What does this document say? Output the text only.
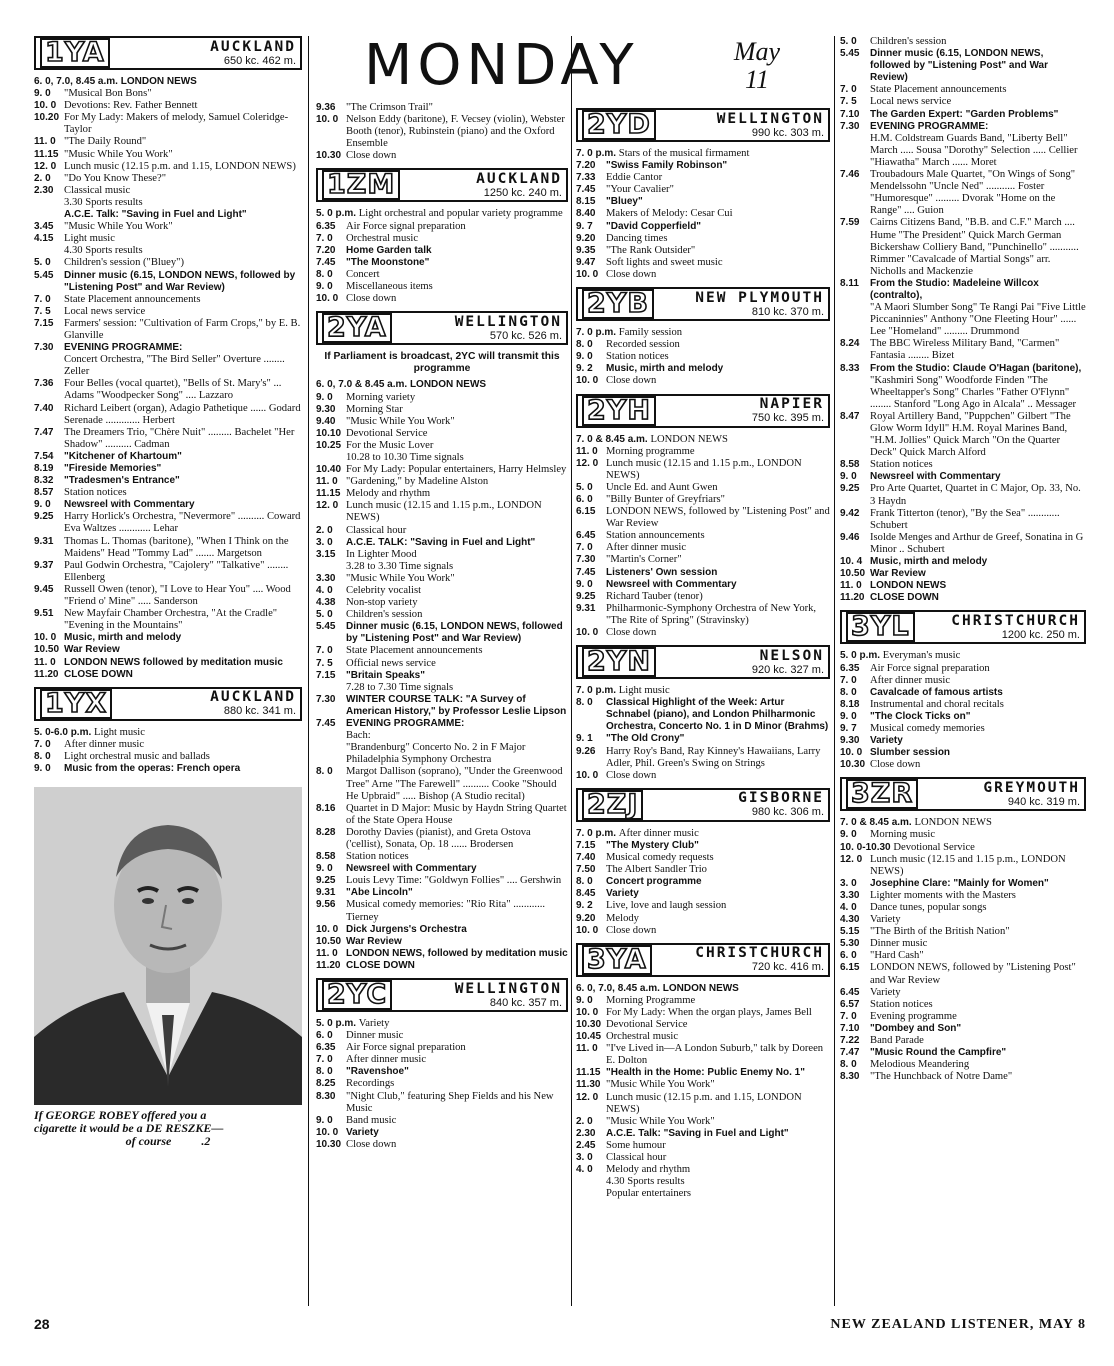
MONDAY	May
11
1YA	AUCKLAND
650 kc. 462 m.
6. 0, 7.0, 8.45 a.m. LONDON NEWS
9. 0	"Musical Bon Bons"
10. 0 Devotions: Rev. Father Bennett
10.20 For My Lady: Makers of melody, Samuel Coleridge-Taylor
11. 0 "The Daily Round"
11.15 "Music While You Work"
12. 0 Lunch music (12.15 p.m. and 1.15, LONDON NEWS)
2. 0	"Do You Know These?"
2.30 Classical music
3.30 Sports results
A.C.E. Talk: "Saving in Fuel and Light"
3.45 "Music While You Work"
4.15 Light music
4.30 Sports results
5. 0	Children's session ("Bluey")
5.45	Dinner music (6.15, LONDON NEWS, followed by "Listening Post" and War Review)
7. 0	State Placement announcements
7. 5	Local news service
7.15 Farmers' session: "Cultivation of Farm Crops," by E. B. Glanville
7.30	EVENING PROGRAMME:
Concert Orchestra, "The Bird Seller" Overture ........ Zeller
7.36 Four Belles (vocal quartet), "Bells of St. Mary's" ... Adams "Woodpecker Song" .... Lazzaro
7.40 Richard Leibert (organ), Adagio Pathetique ...... Godard Serenade ............. Herbert
7.47 The Dreamers Trio, "Chère Nuit" ......... Bachelet "Her Shadow" .......... Cadman
7.54	"Kitchener of Khartoum"
8.19	"Fireside Memories"
8.32	"Tradesmen's Entrance"
8.57 Station notices
9. 0	Newsreel with Commentary
9.25 Harry Horlick's Orchestra, "Nevermore" .......... Coward Eva Waltzes ............ Lehar
9.31 Thomas L. Thomas (baritone), "When I Think on the Maidens" Head "Tommy Lad" ....... Margetson
9.37 Paul Godwin Orchestra, "Cajolery" "Talkative" ........ Ellenberg
9.45 Russell Owen (tenor), "I Love to Hear You" .... Wood "Friend o' Mine" ..... Sanderson
9.51 New Mayfair Chamber Orchestra, "At the Cradle" "Evening in the Mountains"
10. 0 Music, mirth and melody
10.50 War Review
11. 0 LONDON NEWS followed by meditation music
11.20 CLOSE DOWN
1YX	AUCKLAND
880 kc. 341 m.
5. 0-6.0 p.m. Light music
7. 0	After dinner music
8. 0	Light orchestral music and ballads
9. 0	Music from the operas: French opera
If GEORGE ROBEY offered you a
cigarette it would be a DE RESZKE—
of course	.2
9.36 "The Crimson Trail"
10. 0 Nelson Eddy (baritone), F. Vecsey (violin), Webster Booth (tenor), Rubinstein (piano) and the Oxford Ensemble
10.30 Close down
1ZM	AUCKLAND
1250 kc. 240 m.
5. 0 p.m. Light orchestral and popular variety programme
6.35 Air Force signal preparation
7. 0	Orchestral music
7.20	Home Garden talk
7.45	"The Moonstone"
8. 0	Concert
9. 0	Miscellaneous items
10. 0 Close down
2YA	WELLINGTON
570 kc. 526 m.
If Parliament is broadcast, 2YC will transmit this programme
6. 0, 7.0 & 8.45 a.m. LONDON NEWS
9. 0	Morning variety
9.30 Morning Star
9.40 "Music While You Work"
10.10 Devotional Service
10.25 For the Music Lover
10.28 to 10.30 Time signals
10.40 For My Lady: Popular entertainers, Harry Helmsley
11. 0 "Gardening," by Madeline Alston
11.15 Melody and rhythm
12. 0 Lunch music (12.15 and 1.15 p.m., LONDON NEWS)
2. 0	Classical hour
3. 0	A.C.E. TALK: "Saving in Fuel and Light"
3.15 In Lighter Mood
3.28 to 3.30 Time signals
3.30 "Music While You Work"
4. 0	Celebrity vocalist
4.38 Non-stop variety
5. 0	Children's session
5.45	Dinner music (6.15, LONDON NEWS, followed by "Listening Post" and War Review)
7. 0	State Placement announcements
7. 5	Official news service
7.15	"Britain Speaks"
7.28 to 7.30 Time signals
7.30	WINTER COURSE TALK: "A Survey of American History," by Professor Leslie Lipson
7.45	EVENING PROGRAMME:
Bach:
"Brandenburg" Concerto No. 2 in F Major
Philadelphia Symphony Orchestra
8. 0	Margot Dallison (soprano), "Under the Greenwood Tree" Arne "The Farewell" .......... Cooke "Should He Upbraid" ..... Bishop (A Studio recital)
8.16 Quartet in D Major: Music by Haydn String Quartet of the State Opera House
8.28 Dorothy Davies (pianist), and Greta Ostova ('cellist), Sonata, Op. 18 ...... Brodersen
8.58 Station notices
9. 0	Newsreel with Commentary
9.25 Louis Levy Time: "Goldwyn Follies" .... Gershwin
9.31	"Abe Lincoln"
9.56 Musical comedy memories: "Rio Rita" ............ Tierney
10. 0 Dick Jurgens's Orchestra
10.50 War Review
11. 0 LONDON NEWS, followed by meditation music
11.20 CLOSE DOWN
2YC	WELLINGTON
840 kc. 357 m.
5. 0 p.m. Variety
6. 0	Dinner music
6.35 Air Force signal preparation
7. 0	After dinner music
8. 0	"Ravenshoe"
8.25 Recordings
8.30 "Night Club," featuring Shep Fields and his New Music
9. 0	Band music
10. 0 Variety
10.30 Close down
2YD	WELLINGTON
990 kc. 303 m.
7. 0 p.m. Stars of the musical firmament
7.20	"Swiss Family Robinson"
7.33 Eddie Cantor
7.45 "Your Cavalier"
8.15	"Bluey"
8.40 Makers of Melody: Cesar Cui
9. 7	"David Copperfield"
9.20 Dancing times
9.35 "The Rank Outsider"
9.47 Soft lights and sweet music
10. 0 Close down
2YB	NEW PLYMOUTH
810 kc. 370 m.
7. 0 p.m. Family session
8. 0	Recorded session
9. 0	Station notices
9. 2	Music, mirth and melody
10. 0 Close down
2YH	NAPIER
750 kc. 395 m.
7. 0 & 8.45 a.m. LONDON NEWS
11. 0 Morning programme
12. 0 Lunch music (12.15 and 1.15 p.m., LONDON NEWS)
5. 0	Uncle Ed. and Aunt Gwen
6. 0	"Billy Bunter of Greyfriars"
6.15 LONDON NEWS, followed by "Listening Post" and War Review
6.45 Station announcements
7. 0	After dinner music
7.30 "Martin's Corner"
7.45	Listeners' Own session
9. 0	Newsreel with Commentary
9.25 Richard Tauber (tenor)
9.31 Philharmonic-Symphony Orchestra of New York, "The Rite of Spring" (Stravinsky)
10. 0 Close down
2YN	NELSON
920 kc. 327 m.
7. 0 p.m. Light music
8. 0	Classical Highlight of the Week: Artur Schnabel (piano), and London Philharmonic Orchestra, Concerto No. 1 in D Minor (Brahms)
9. 1	"The Old Crony"
9.26 Harry Roy's Band, Ray Kinney's Hawaiians, Larry Adler, Phil. Green's Swing on Strings
10. 0 Close down
2ZJ	GISBORNE
980 kc. 306 m.
7. 0 p.m. After dinner music
7.15	"The Mystery Club"
7.40 Musical comedy requests
7.50 The Albert Sandler Trio
8. 0	Concert programme
8.45	Variety
9. 2	Live, love and laugh session
9.20 Melody
10. 0 Close down
3YA	CHRISTCHURCH
720 kc. 416 m.
6. 0, 7.0, 8.45 a.m. LONDON NEWS
9. 0	Morning Programme
10. 0 For My Lady: When the organ plays, James Bell
10.30 Devotional Service
10.45 Orchestral music
11. 0 "I've Lived in—A London Suburb," talk by Doreen E. Dolton
11.15 "Health in the Home: Public Enemy No. 1"
11.30 "Music While You Work"
12. 0 Lunch music (12.15 p.m. and 1.15, LONDON NEWS)
2. 0	"Music While You Work"
2.30	A.C.E. Talk: "Saving in Fuel and Light"
2.45 Some humour
3. 0	Classical hour
4. 0	Melody and rhythm
4.30 Sports results
Popular entertainers
5. 0	Children's session
5.45	Dinner music (6.15, LONDON NEWS, followed by "Listening Post" and War Review)
7. 0	State Placement announcements
7. 5	Local news service
7.10	The Garden Expert: "Garden Problems"
7.30	EVENING PROGRAMME:
H.M. Coldstream Guards Band, "Liberty Bell" March ..... Sousa "Dorothy" Selection ..... Cellier "Hiawatha" March ...... Moret
7.46 Troubadours Male Quartet, "On Wings of Song" Mendelssohn "Uncle Ned" ........... Foster "Humoresque" ......... Dvorak "Home on the Range" .... Guion
7.59 Cairns Citizens Band, "B.B. and C.F." March .... Hume "The President" Quick March German
Bickershaw Colliery Band, "Punchinello" ........... Rimmer "Cavalcade of Martial Songs" arr. Nicholls and Mackenzie
8.11	From the Studio: Madeleine Willcox (contralto),
"A Maori Slumber Song" Te Rangi Pai "Five Little Piccaninnies" Anthony "One Fleeting Hour" ...... Lee "Homeland" ......... Drummond
8.24 The BBC Wireless Military Band, "Carmen" Fantasia ........ Bizet
8.33	From the Studio: Claude O'Hagan (baritone),
"Kashmiri Song" Woodforde Finden "The Wheeltapper's Song" Charles "Father O'Flynn" ........ Stanford "Long Ago in Alcala" .. Messager
8.47 Royal Artillery Band, "Puppchen" Gilbert "The Glow Worm Idyll" H.M. Royal Marines Band, "H.M. Jollies" Quick March "On the Quarter Deck" Quick March Alford
8.58 Station notices
9. 0	Newsreel with Commentary
9.25 Pro Arte Quartet, Quartet in C Major, Op. 33, No. 3 Haydn
9.42 Frank Titterton (tenor), "By the Sea" ............ Schubert
9.46 Isolde Menges and Arthur de Greef, Sonatina in G Minor .. Schubert
10. 4 Music, mirth and melody
10.50 War Review
11. 0 LONDON NEWS
11.20 CLOSE DOWN
3YL	CHRISTCHURCH
1200 kc. 250 m.
5. 0 p.m. Everyman's music
6.35 Air Force signal preparation
7. 0	After dinner music
8. 0	Cavalcade of famous artists
8.18 Instrumental and choral recitals
9. 0	"The Clock Ticks on"
9. 7	Musical comedy memories
9.30	Variety
10. 0 Slumber session
10.30 Close down
3ZR	GREYMOUTH
940 kc. 319 m.
7. 0 & 8.45 a.m. LONDON NEWS
9. 0	Morning music
10. 0-10.30 Devotional Service
12. 0 Lunch music (12.15 and 1.15 p.m., LONDON NEWS)
3. 0	Josephine Clare: "Mainly for Women"
3.30 Lighter moments with the Masters
4. 0	Dance tunes, popular songs
4.30 Variety
5.15 "The Birth of the British Nation"
5.30 Dinner music
6. 0	"Hard Cash"
6.15 LONDON NEWS, followed by "Listening Post" and War Review
6.45 Variety
6.57 Station notices
7. 0	Evening programme
7.10	"Dombey and Son"
7.22 Band Parade
7.47	"Music Round the Campfire"
8. 0	Melodious Meandering
8.30 "The Hunchback of Notre Dame"
28	NEW ZEALAND LISTENER, MAY 8
